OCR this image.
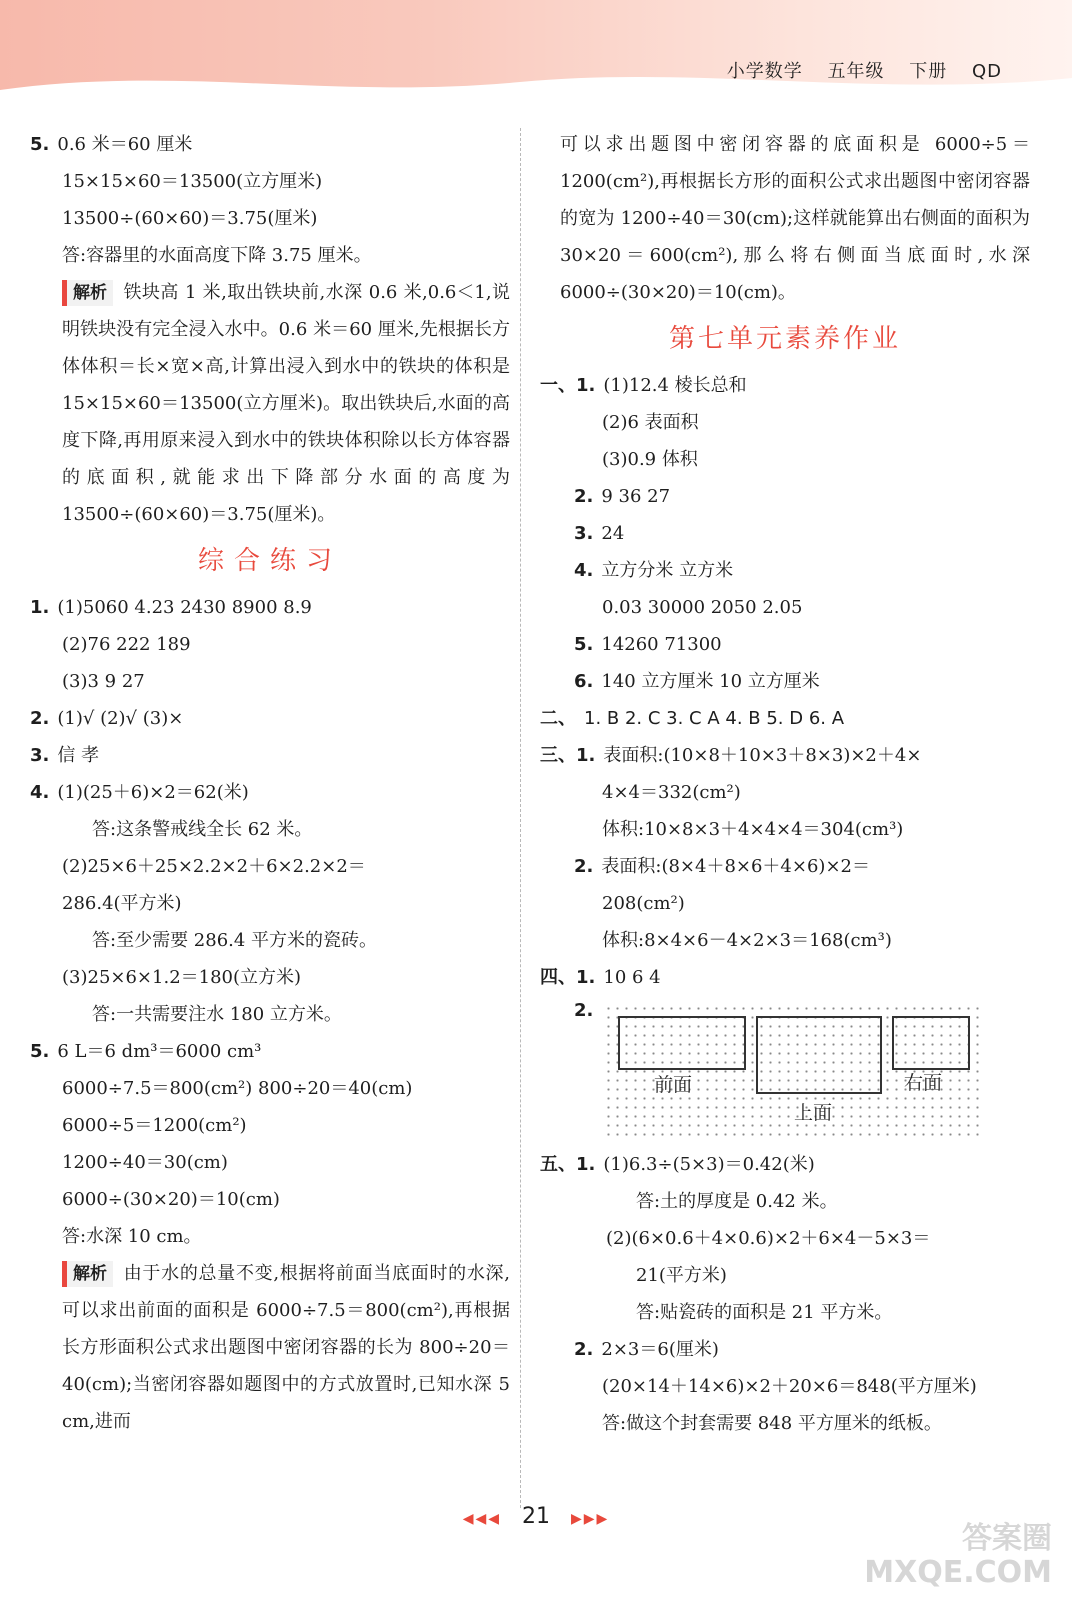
小学数学 五年级 下册 QD
5. 0.6 米＝60 厘米
15×15×60＝13500(立方厘米)
13500÷(60×60)＝3.75(厘米)
答:容器里的水面高度下降 3.75 厘米。
解析 铁块高 1 米,取出铁块前,水深 0.6 米,0.6＜1,说明铁块没有完全浸入水中。0.6 米＝60 厘米,先根据长方体体积＝长×宽×高,计算出浸入到水中的铁块的体积是 15×15×60＝13500(立方厘米)。取出铁块后,水面的高度下降,再用原来浸入到水中的铁块体积除以长方体容器的底面积,就能求出下降部分水面的高度为 13500÷(60×60)＝3.75(厘米)。
综合练习
1. (1)5060 4.23 2430 8900 8.9
(2)76 222 189
(3)3 9 27
2. (1)√ (2)√ (3)×
3. 信 孝
4. (1)(25＋6)×2＝62(米)
答:这条警戒线全长 62 米。
(2)25×6＋25×2.2×2＋6×2.2×2＝
286.4(平方米)
答:至少需要 286.4 平方米的瓷砖。
(3)25×6×1.2＝180(立方米)
答:一共需要注水 180 立方米。
5. 6 L＝6 dm³＝6000 cm³
6000÷7.5＝800(cm²) 800÷20＝40(cm)
6000÷5＝1200(cm²)
1200÷40＝30(cm)
6000÷(30×20)＝10(cm)
答:水深 10 cm。
解析 由于水的总量不变,根据将前面当底面时的水深,可以求出前面的面积是 6000÷7.5＝800(cm²),再根据长方形面积公式求出题图中密闭容器的长为 800÷20＝40(cm);当密闭容器如题图中的方式放置时,已知水深 5 cm,进而
可以求出题图中密闭容器的底面积是 6000÷5＝1200(cm²),再根据长方形的面积公式求出题图中密闭容器的宽为 1200÷40＝30(cm);这样就能算出右侧面的面积为 30×20＝600(cm²),那么将右侧面当底面时,水深 6000÷(30×20)＝10(cm)。
第七单元素养作业
一、1. (1)12.4 棱长总和
(2)6 表面积
(3)0.9 体积
2. 9 36 27
3. 24
4. 立方分米 立方米
0.03 30000 2050 2.05
5. 14260 71300
6. 140 立方厘米 10 立方厘米
二、 1. B 2. C 3. C A 4. B 5. D 6. A
三、1. 表面积:(10×8＋10×3＋8×3)×2＋4×
4×4＝332(cm²)
体积:10×8×3＋4×4×4＝304(cm³)
2. 表面积:(8×4＋8×6＋4×6)×2＝
208(cm²)
体积:8×4×6－4×2×3＝168(cm³)
四、1. 10 6 4
2.
前面
上面
右面
五、1. (1)6.3÷(5×3)＝0.42(米)
答:土的厚度是 0.42 米。
(2)(6×0.6＋4×0.6)×2＋6×4－5×3＝
21(平方米)
答:贴瓷砖的面积是 21 平方米。
2. 2×3＝6(厘米)
(20×14＋14×6)×2＋20×6＝848(平方厘米)
答:做这个封套需要 848 平方厘米的纸板。
◀◀◀ 21 ▶▶▶
答案圈
MXQE.COM
